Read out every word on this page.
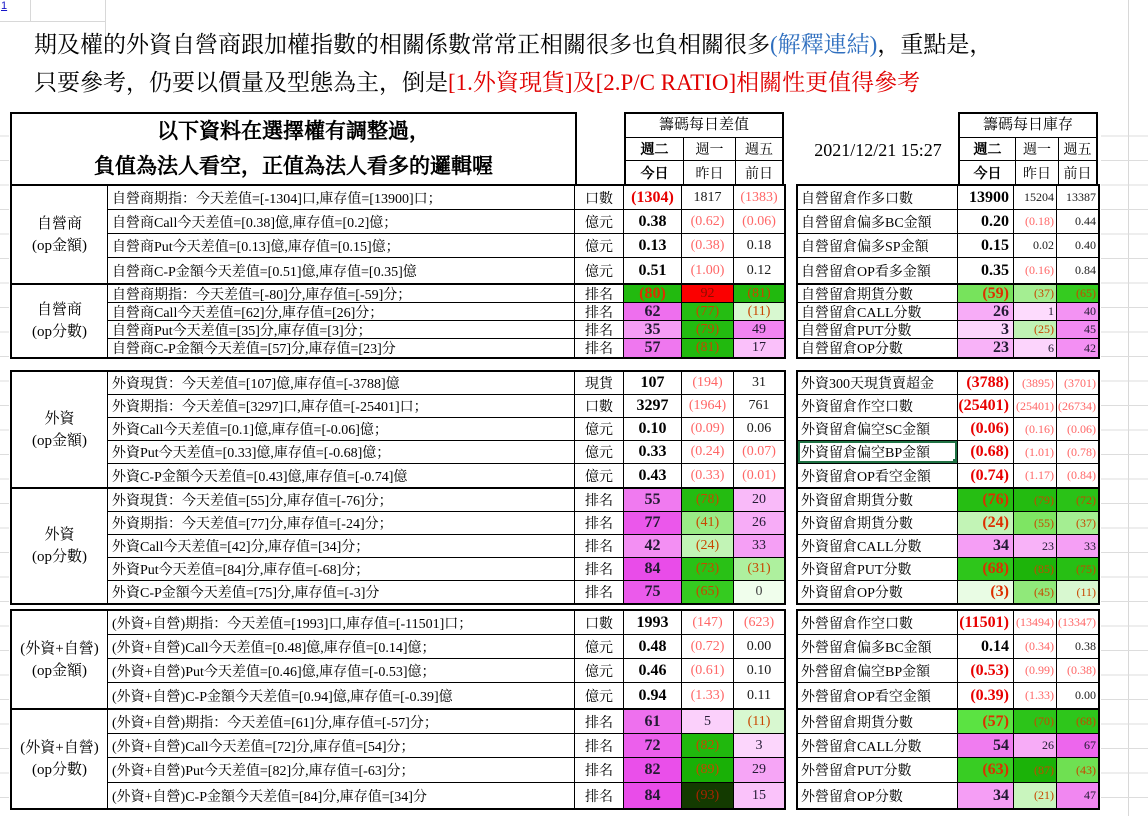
1
期及權的外資自營商跟加權指數的相關係數常常正相關很多也負相關很多(解釋連結)，重點是，
只要參考，仍要以價量及型態為主，倒是[1.外資現貨]及[2.P/C RATIO]相關性更值得參考
以下資料在選擇權有調整過，
負值為法人看空，正值為法人看多的邏輯喔
籌碼每日差值
週二	週一	週五
今日	昨日	前日
2021/12/21 15:27
籌碼每日庫存
週二	週一 週五
今日	昨日 前日
自營商
(op金額)
自營商期指：今天差值=[-1304]口,庫存值=[13900]口；	口數	(1304)	1817	(1383)
自營商Call今天差值=[0.38]億,庫存值=[0.2]億；	億元	0.38	(0.62)	(0.06)
自營商Put今天差值=[0.13]億,庫存值=[0.15]億；	億元	0.13	(0.38)	0.18
自營商C-P金額今天差值=[0.51]億,庫存值=[0.35]億	億元	0.51	(1.00)	0.12
自營留倉作多口數	13900	15204	13387
自營留倉偏多BC金額	0.20	(0.18)	0.44
自營留倉偏多SP金額	0.15	0.02	0.40
自營留倉OP看多金額	0.35	(0.16)	0.84
自營商
(op分數)
自營商期指：今天差值=[-80]分,庫存值=[-59]分；	排名	(80)	92	(81)
自營商Call今天差值=[62]分,庫存值=[26]分；	排名	62	(77)	(11)
自營商Put今天差值=[35]分,庫存值=[3]分；	排名	35	(79)	49
自營商C-P金額今天差值=[57]分,庫存值=[23]分	排名	57	(81)	17
自營留倉期貨分數	(59)	(37)	(65)
自營留倉CALL分數	26	1	40
自營留倉PUT分數	3	(25)	45
自營留倉OP分數	23	6	42
外資
(op金額)
外資現貨：今天差值=[107]億,庫存值=[-3788]億	現貨	107	(194)	31
外資期指：今天差值=[3297]口,庫存值=[-25401]口；	口數	3297	(1964)	761
外資Call今天差值=[0.1]億,庫存值=[-0.06]億；	億元	0.10	(0.09)	0.06
外資Put今天差值=[0.33]億,庫存值=[-0.68]億；	億元	0.33	(0.24)	(0.07)
外資C-P金額今天差值=[0.43]億,庫存值=[-0.74]億	億元	0.43	(0.33)	(0.01)
外資300天現貨賣超金	(3788)	(3895) (3701)
外資留倉作空口數	(25401) (25401) (26734)
外資留倉偏空SC金額	(0.06)	(0.16)	(0.06)
外資留倉偏空BP金額	(0.68)	(1.01)	(0.78)
外資留倉OP看空金額	(0.74)	(1.17)	(0.84)
外資
(op分數)
外資現貨：今天差值=[55]分,庫存值=[-76]分；	排名	55	(78)	20
外資期指：今天差值=[77]分,庫存值=[-24]分；	排名	77	(41)	26
外資Call今天差值=[42]分,庫存值=[34]分；	排名	42	(24)	33
外資Put今天差值=[84]分,庫存值=[-68]分；	排名	84	(73)	(31)
外資C-P金額今天差值=[75]分,庫存值=[-3]分	排名	75	(65)	0
外資留倉期貨分數	(76)	(79)	(72)
外資留倉期貨分數	(24)	(55)	(37)
外資留倉CALL分數	34	23	33
外資留倉PUT分數	(68)	(85)	(75)
外資留倉OP分數	(3)	(45)	(11)
(外資+自營)
(op金額)
(外資+自營)期指：今天差值=[1993]口,庫存值=[-11501]口；	口數	1993	(147)	(623)
(外資+自營)Call今天差值=[0.48]億,庫存值=[0.14]億；	億元	0.48	(0.72)	0.00
(外資+自營)Put今天差值=[0.46]億,庫存值=[-0.53]億；	億元	0.46	(0.61)	0.10
(外資+自營)C-P金額今天差值=[0.94]億,庫存值=[-0.39]億	億元	0.94	(1.33)	0.11
外營留倉作空口數	(11501) (13494) (13347)
外營留倉偏多BC金額	0.14	(0.34)	0.38
外營留倉偏空BP金額	(0.53)	(0.99)	(0.38)
外營留倉OP看空金額	(0.39)	(1.33)	0.00
(外資+自營)
(op分數)
(外資+自營)期指：今天差值=[61]分,庫存值=[-57]分；	排名	61	5	(11)
(外資+自營)Call今天差值=[72]分,庫存值=[54]分；	排名	72	(82)	3
(外資+自營)Put今天差值=[82]分,庫存值=[-63]分；	排名	82	(89)	29
(外資+自營)C-P金額今天差值=[84]分,庫存值=[34]分	排名	84	(93)	15
外營留倉期貨分數	(57)	(70)	(68)
外營留倉CALL分數	54	26	67
外營留倉PUT分數	(63)	(87)	(43)
外營留倉OP分數	34	(21)	47
